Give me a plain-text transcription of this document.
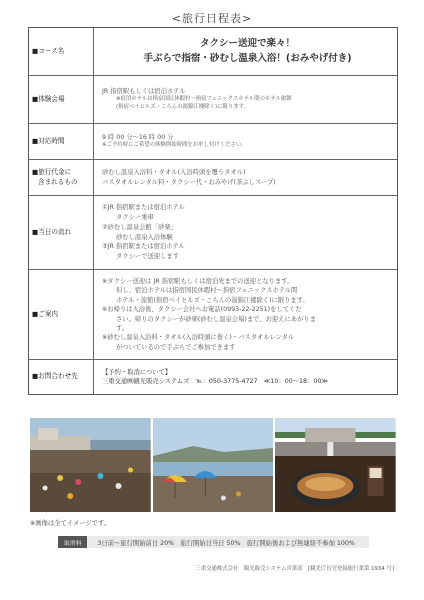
<旅行日程表>
■コース名
タクシー送迎で楽々！
手ぶらで指宿・砂むし温泉入浴！(おみやげ付き)
■体験会場
JR 指宿駅もしくは宿泊ホテル
※宿泊ホテルは指宿国民休暇村～指宿フェニックスホテル間のホテル旅館
(指宿ベイヒルズ・こらんの湯錦江楼除く)に限ります。
■対応時間	9 時 00 分～16 時 00 分
※ご予約時にご希望の体験開始時間をお申し付けください。
■旅行代金に
含まれるもの
砂むし温泉入浴料・タオル(入浴時頭を覆うタオル)
バスタオルレンタル料・タクシー代・おみやげ(茶ぶしスープ)
■当日の流れ
①JR 指宿駅または宿泊ホテル
タクシー乗車
②砂むし温泉会館「砂楽」
砂むし温泉入浴体験
③JR 指宿駅または宿泊ホテル
タクシーで送迎します
■ご案内
※タクシー送迎は JR 指宿駅もしくは宿泊先までの送迎となります。
但し、宿泊ホテルは指宿国民休暇村～指宿フェニックスホテル間
ホテル・旅館(指宿ベイヒルズ・こらんの湯錦江楼除く)に限ります。
※お帰りは入浴後、タクシー会社へお電話(0993-22-2251)をしてくだ
さい。帰りのタクシーが砂楽(砂むし温泉会場)まで、お迎えにあがりま
す。
※砂むし温泉入浴料・タオル(入浴時頭に巻く)・バスタオルレンタル
がついているので手ぶらでご参加できます
■お問合わせ先	【予約・取消について】
三重交通㈱観光販売システムズ　℡：050-3775-4727　≪10：00～18：00≫
※画像は全てイメージです。
取消料	3日前～旅行開始前日 20%　旅行開始日当日 50%　旅行開始後および無連絡不参加 100%
三重交通株式会社　観光販売システム営業部　[観光庁長官登録旅行業第 1934 号]
